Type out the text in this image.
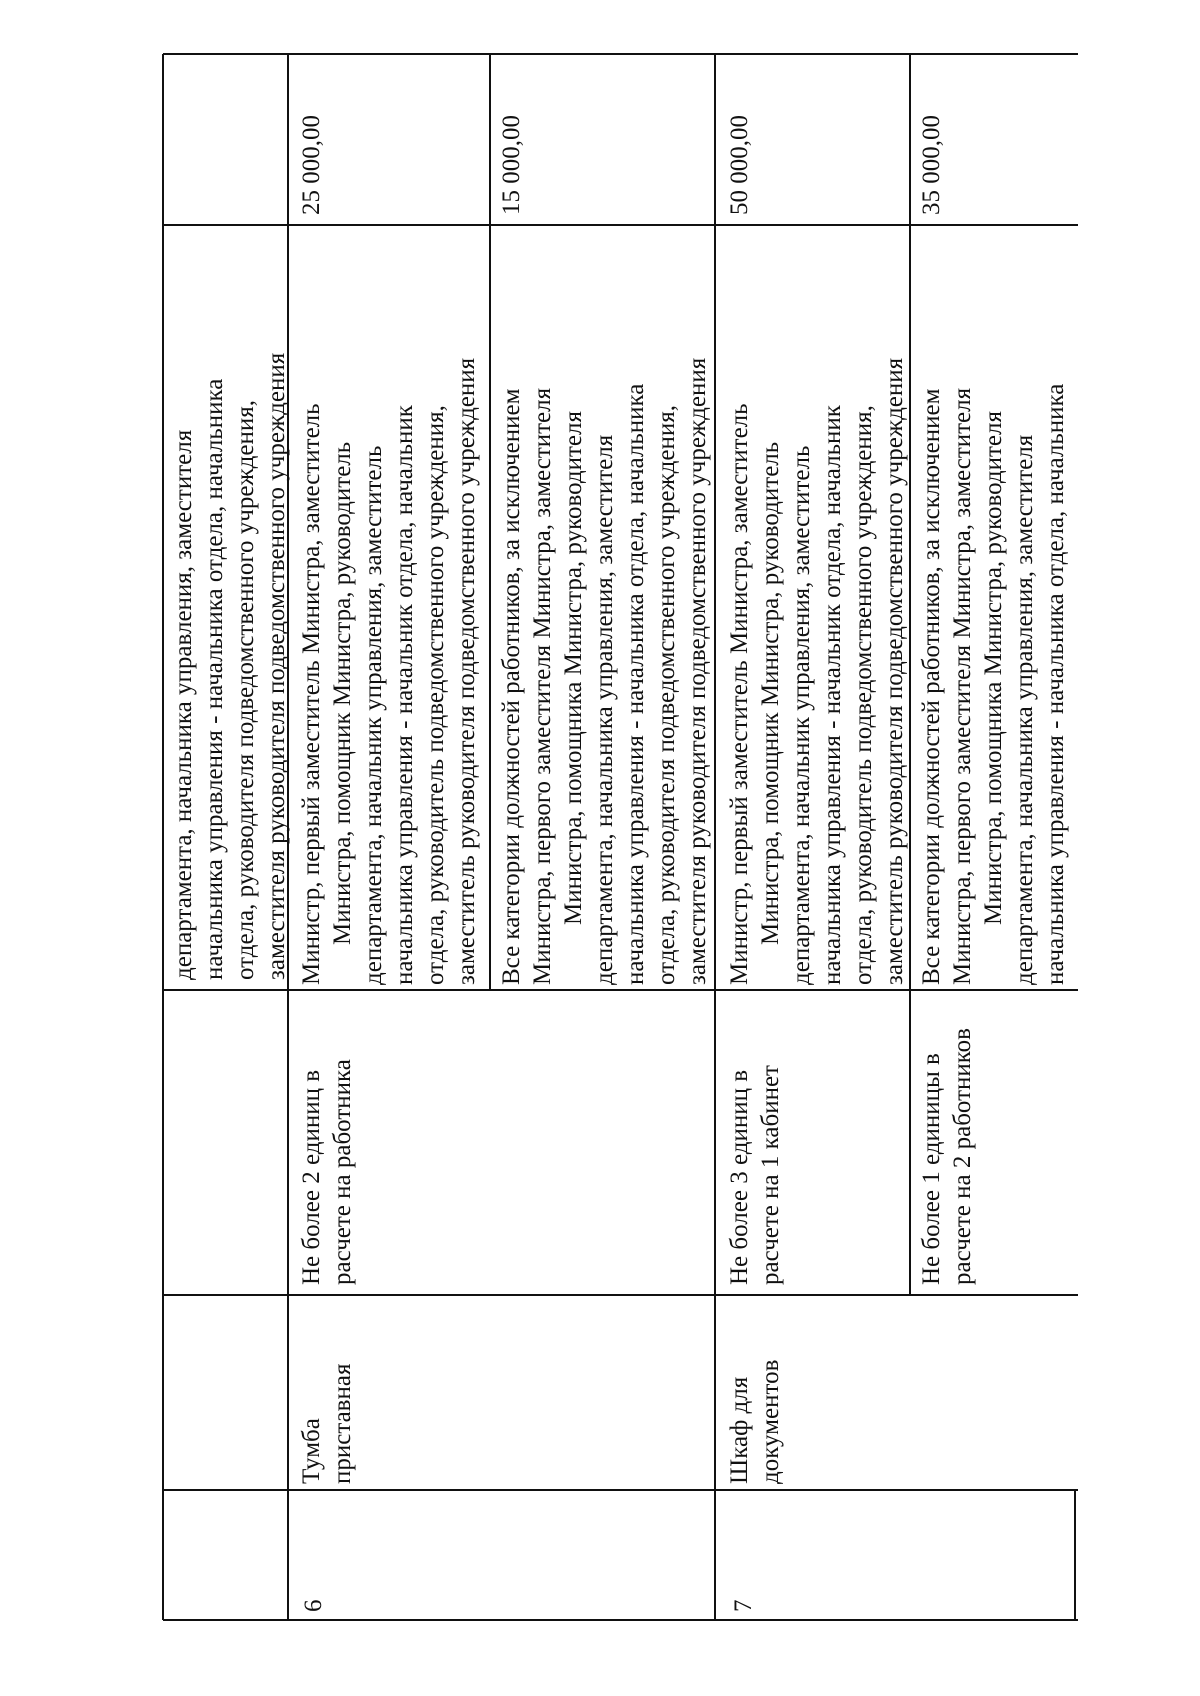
департамента, начальника управления, заместителя начальника управления - начальника отдела, начальника отдела, руководителя подведомственного учреждения, заместителя руководителя подведомственного учреждения
6
Тумба приставная
Не более 2 единиц в расчете на работника
Министр, первый заместитель Министра, заместитель Министра, помощник Министра, руководитель департамента, начальник управления, заместитель начальника управления - начальник отдела, начальник отдела, руководитель подведомственного учреждения, заместитель руководителя подведомственного учреждения
25 000,00
Все категории должностей работников, за исключением Министра, первого заместителя Министра, заместителя Министра, помощника Министра, руководителя департамента, начальника управления, заместителя начальника управления - начальника отдела, начальника отдела, руководителя подведомственного учреждения, заместителя руководителя подведомственного учреждения
15 000,00
7
Шкаф для документов
Не более 3 единиц в расчете на 1 кабинет
Министр, первый заместитель Министра, заместитель Министра, помощник Министра, руководитель департамента, начальник управления, заместитель начальника управления - начальник отдела, начальник отдела, руководитель подведомственного учреждения, заместитель руководителя подведомственного учреждения
50 000,00
Не более 1 единицы в расчете на 2 работников
Все категории должностей работников, за исключением Министра, первого заместителя Министра, заместителя Министра, помощника Министра, руководителя департамента, начальника управления, заместителя начальника управления - начальника отдела, начальника
35 000,00
